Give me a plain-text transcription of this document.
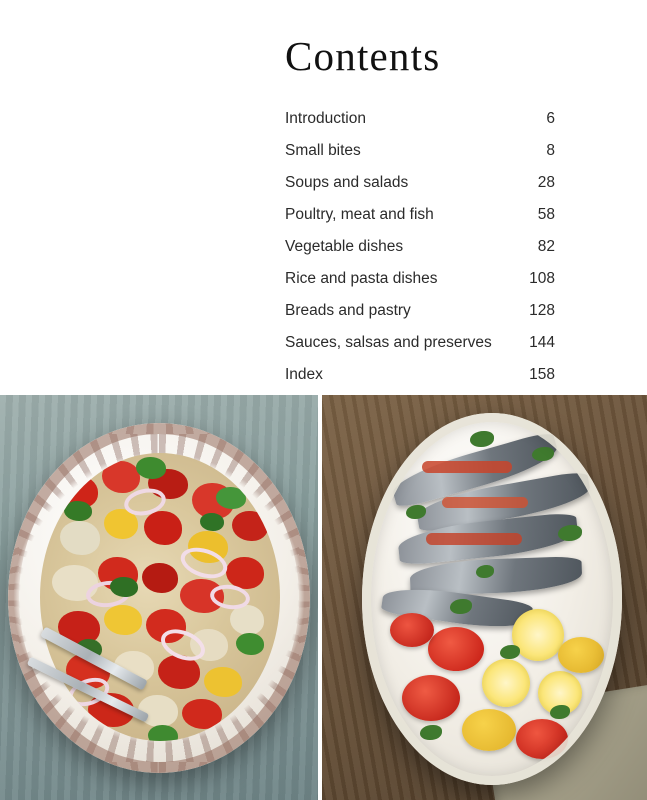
Contents
Introduction	6
Small bites	8
Soups and salads	28
Poultry, meat and fish	58
Vegetable dishes	82
Rice and pasta dishes	108
Breads and pastry	128
Sauces, salsas and preserves	144
Index	158
